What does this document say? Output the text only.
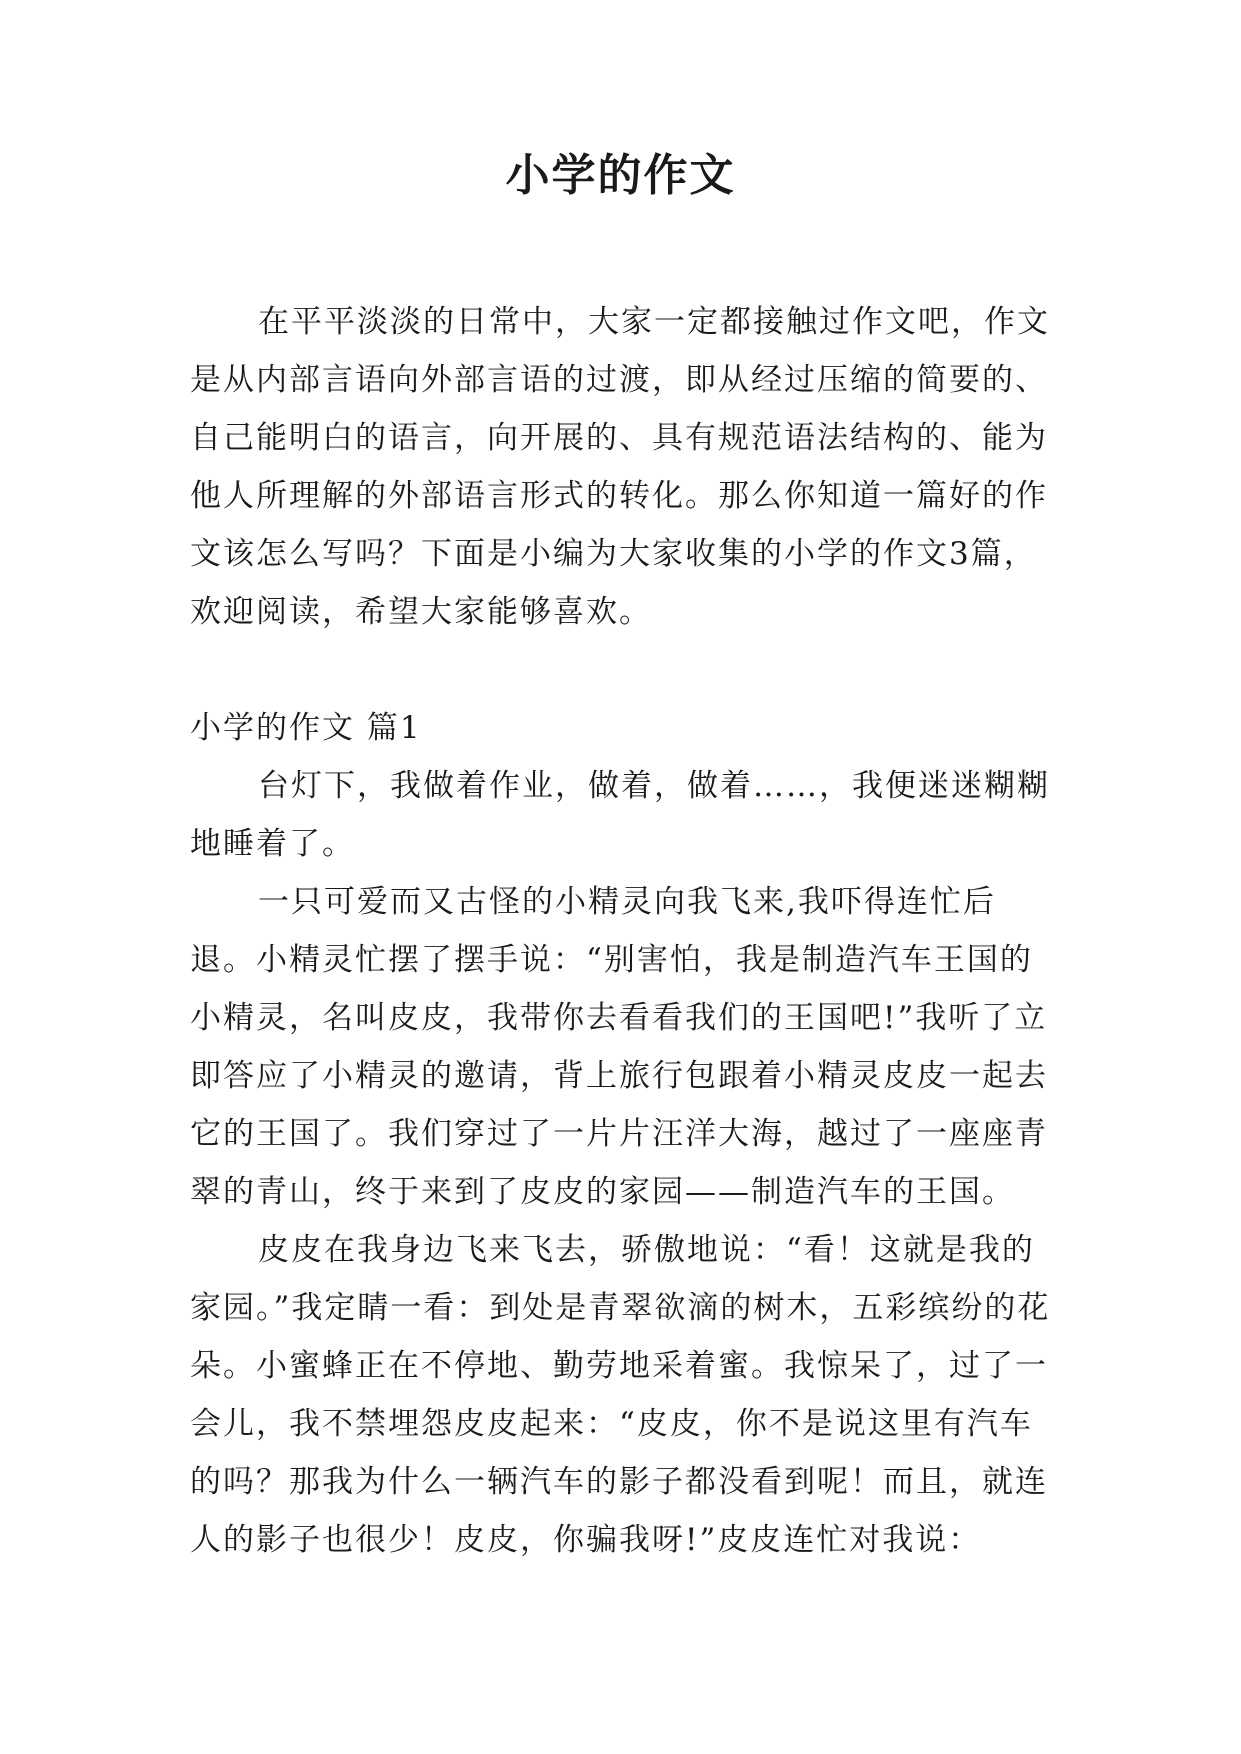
小学的作文

在平平淡淡的日常中，大家一定都接触过作文吧，作文是从内部言语向外部言语的过渡，即从经过压缩的简要的、自己能明白的语言，向开展的、具有规范语法结构的、能为他人所理解的外部语言形式的转化。那么你知道一篇好的作文该怎么写吗？下面是小编为大家收集的小学的作文3篇，欢迎阅读，希望大家能够喜欢。

小学的作文 篇1

台灯下，我做着作业，做着，做着……，我便迷迷糊糊地睡着了。

一只可爱而又古怪的小精灵向我飞来,我吓得连忙后退。小精灵忙摆了摆手说：“别害怕，我是制造汽车王国的小精灵，名叫皮皮，我带你去看看我们的王国吧!”我听了立即答应了小精灵的邀请，背上旅行包跟着小精灵皮皮一起去它的王国了。我们穿过了一片片汪洋大海，越过了一座座青翠的青山，终于来到了皮皮的家园——制造汽车的王国。

皮皮在我身边飞来飞去，骄傲地说：“看！这就是我的家园。”我定睛一看：到处是青翠欲滴的树木，五彩缤纷的花朵。小蜜蜂正在不停地、勤劳地采着蜜。我惊呆了，过了一会儿，我不禁埋怨皮皮起来：“皮皮，你不是说这里有汽车的吗？那我为什么一辆汽车的影子都没看到呢！而且，就连人的影子也很少！皮皮，你骗我呀!”皮皮连忙对我说：
